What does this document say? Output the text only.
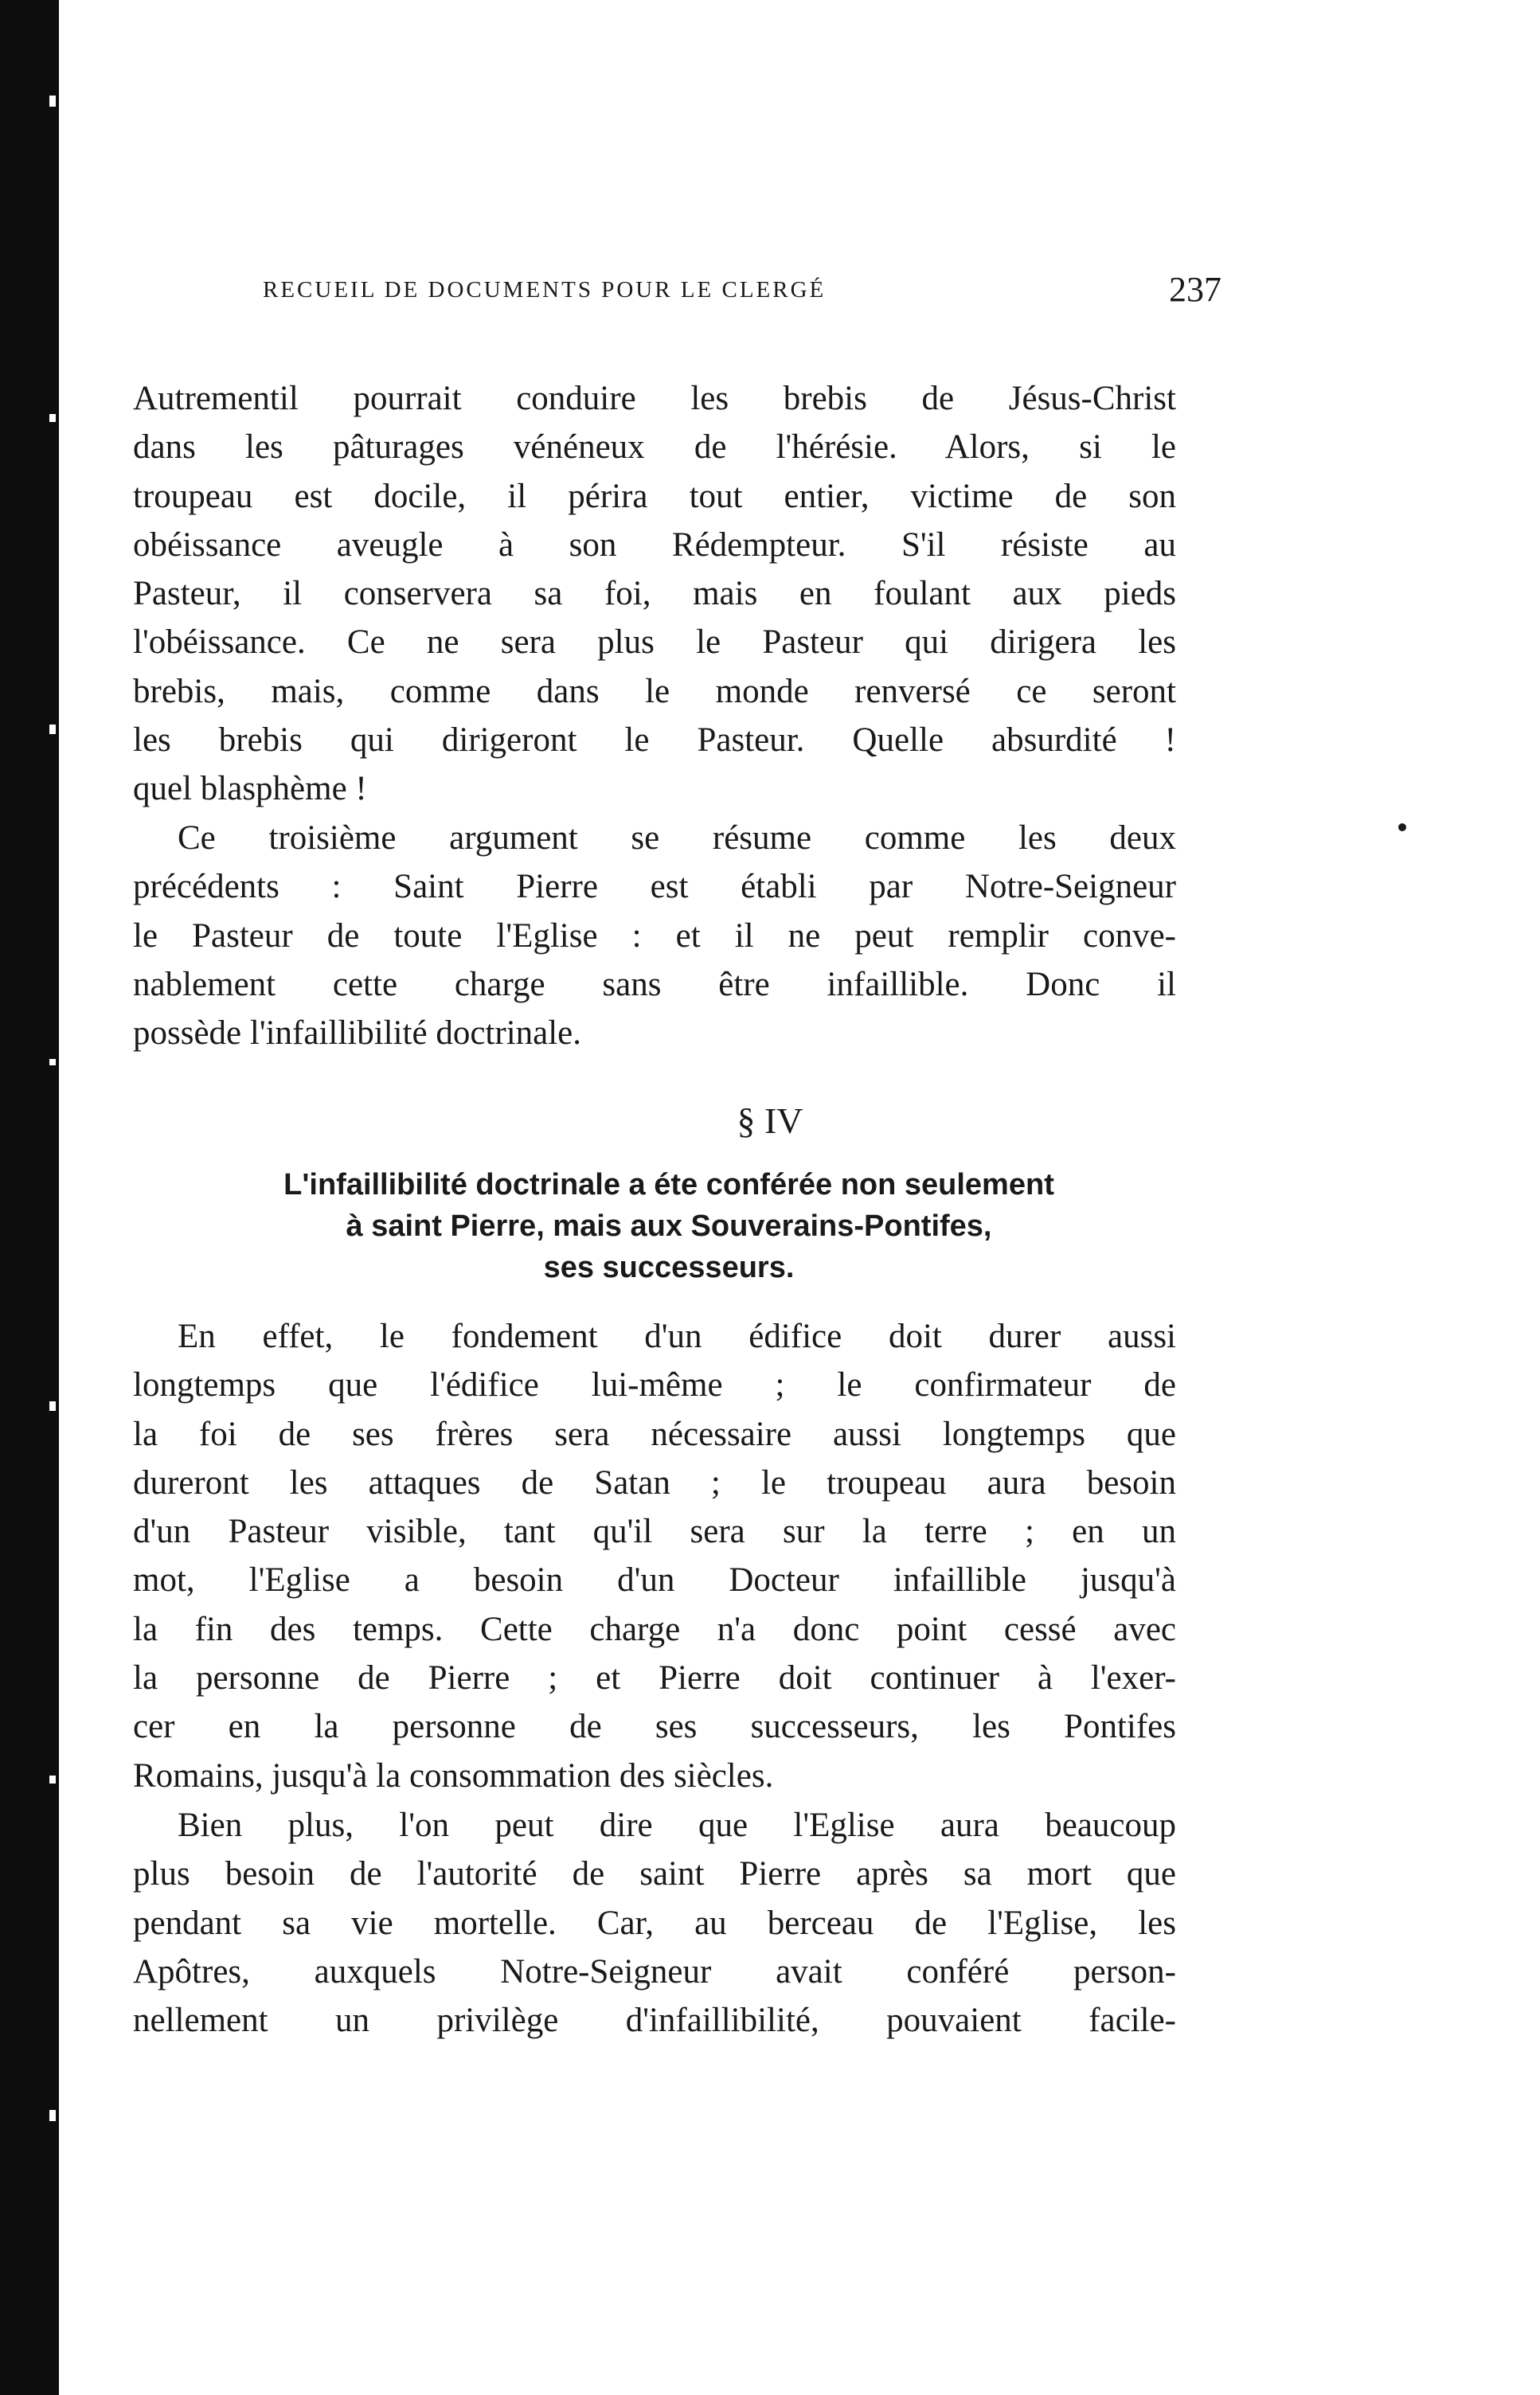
RECUEIL DE DOCUMENTS POUR LE CLERGÉ	237
Autrementil pourrait conduire les brebis de Jésus-Christ
dans les pâturages vénéneux de l'hérésie. Alors, si le
troupeau est docile, il périra tout entier, victime de son
obéissance aveugle à son Rédempteur. S'il résiste au
Pasteur, il conservera sa foi, mais en foulant aux pieds
l'obéissance. Ce ne sera plus le Pasteur qui dirigera les
brebis, mais, comme dans le monde renversé ce seront
les brebis qui dirigeront le Pasteur. Quelle absurdité !
quel blasphème !
Ce troisième argument se résume comme les deux
précédents : Saint Pierre est établi par Notre-Seigneur
le Pasteur de toute l'Eglise : et il ne peut remplir conve-
nablement cette charge sans être infaillible. Donc il
possède l'infaillibilité doctrinale.
§ IV
L'infaillibilité doctrinale a éte conférée non seulement
à saint Pierre, mais aux Souverains-Pontifes,
ses successeurs.
En effet, le fondement d'un édifice doit durer aussi
longtemps que l'édifice lui-même ; le confirmateur de
la foi de ses frères sera nécessaire aussi longtemps que
dureront les attaques de Satan ; le troupeau aura besoin
d'un Pasteur visible, tant qu'il sera sur la terre ; en un
mot, l'Eglise a besoin d'un Docteur infaillible jusqu'à
la fin des temps. Cette charge n'a donc point cessé avec
la personne de Pierre ; et Pierre doit continuer à l'exer-
cer en la personne de ses successeurs, les Pontifes
Romains, jusqu'à la consommation des siècles.
Bien plus, l'on peut dire que l'Eglise aura beaucoup
plus besoin de l'autorité de saint Pierre après sa mort que
pendant sa vie mortelle. Car, au berceau de l'Eglise, les
Apôtres, auxquels Notre-Seigneur avait conféré person-
nellement un privilège d'infaillibilité, pouvaient facile-
